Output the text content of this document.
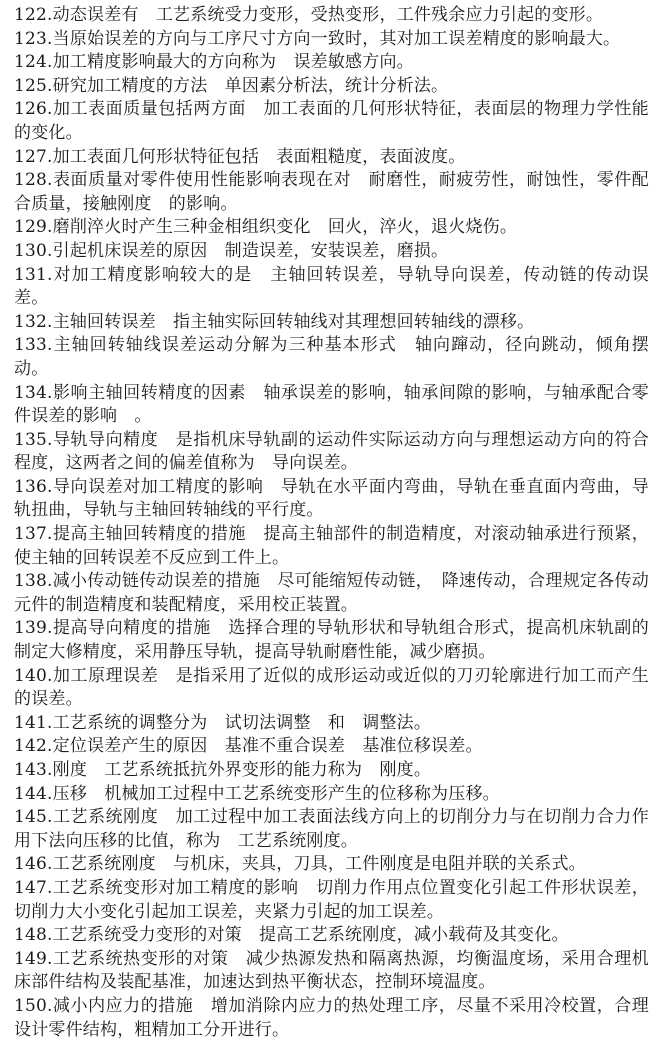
122.动态误差有　工艺系统受力变形，受热变形，工件残余应力引起的变形。

123.当原始误差的方向与工序尺寸方向一致时，其对加工误差精度的影响最大。

124.加工精度影响最大的方向称为　误差敏感方向。

125.研究加工精度的方法　单因素分析法，统计分析法。

126.加工表面质量包括两方面　加工表面的几何形状特征，表面层的物理力学性能的变化。

127.加工表面几何形状特征包括　表面粗糙度，表面波度。

128.表面质量对零件使用性能影响表现在对　耐磨性，耐疲劳性，耐蚀性，零件配合质量，接触刚度　的影响。

129.磨削淬火时产生三种金相组织变化　回火，淬火，退火烧伤。

130.引起机床误差的原因　制造误差，安装误差，磨损。

131.对加工精度影响较大的是　主轴回转误差，导轨导向误差，传动链的传动误差。

132.主轴回转误差　指主轴实际回转轴线对其理想回转轴线的漂移。

133.主轴回转轴线误差运动分解为三种基本形式　轴向蹿动，径向跳动，倾角摆动。

134.影响主轴回转精度的因素　轴承误差的影响，轴承间隙的影响，与轴承配合零件误差的影响　。

135.导轨导向精度　是指机床导轨副的运动件实际运动方向与理想运动方向的符合程度，这两者之间的偏差值称为　导向误差。

136.导向误差对加工精度的影响　导轨在水平面内弯曲，导轨在垂直面内弯曲，导轨扭曲，导轨与主轴回转轴线的平行度。

137.提高主轴回转精度的措施　提高主轴部件的制造精度，对滚动轴承进行预紧，使主轴的回转误差不反应到工件上。

138.减小传动链传动误差的措施　尽可能缩短传动链，　降速传动，合理规定各传动元件的制造精度和装配精度，采用校正装置。

139.提高导向精度的措施　选择合理的导轨形状和导轨组合形式，提高机床轨副的制定大修精度，采用静压导轨，提高导轨耐磨性能，减少磨损。

140.加工原理误差　是指采用了近似的成形运动或近似的刀刃轮廓进行加工而产生的误差。

141.工艺系统的调整分为　试切法调整　和　调整法。

142.定位误差产生的原因　基准不重合误差　基准位移误差。

143.刚度　工艺系统抵抗外界变形的能力称为　刚度。

144.压移　机械加工过程中工艺系统变形产生的位移称为压移。

145.工艺系统刚度　加工过程中加工表面法线方向上的切削分力与在切削力合力作用下法向压移的比值，称为　工艺系统刚度。

146.工艺系统刚度　与机床，夹具，刀具，工件刚度是电阻并联的关系式。

147.工艺系统变形对加工精度的影响　切削力作用点位置变化引起工件形状误差，切削力大小变化引起加工误差，夹紧力引起的加工误差。

148.工艺系统受力变形的对策　提高工艺系统刚度，减小载荷及其变化。

149.工艺系统热变形的对策　减少热源发热和隔离热源，均衡温度场，采用合理机床部件结构及装配基准，加速达到热平衡状态，控制环境温度。

150.减小内应力的措施　增加消除内应力的热处理工序，尽量不采用冷校置，合理设计零件结构，粗精加工分开进行。
